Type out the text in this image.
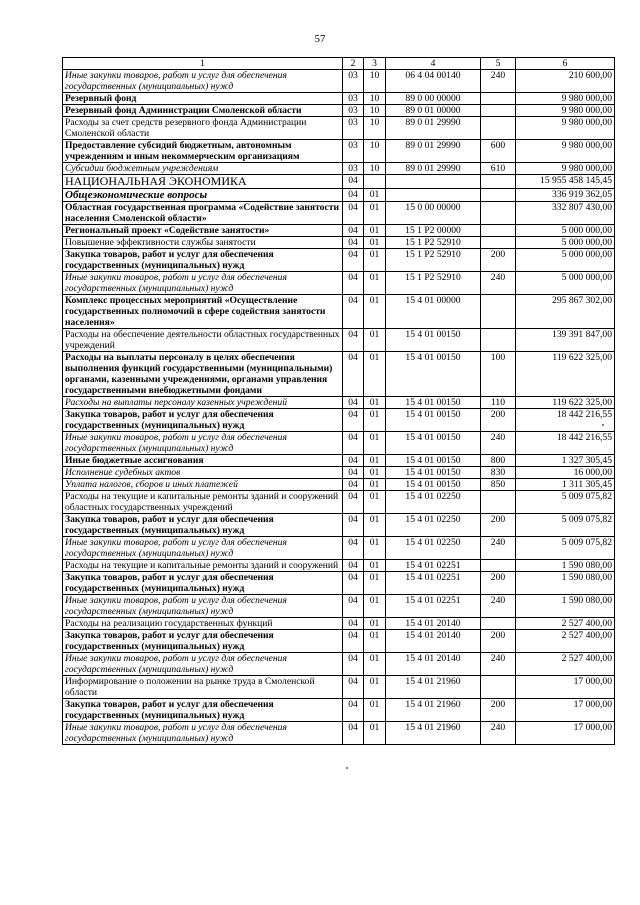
57
1	2	3	4	5	6
Иные закупки товаров, работ и услуг для обеспечения государственных (муниципальных) нужд	03	10	06 4 04 00140	240	210 600,00
Резервный фонд	03	10	89 0 00 00000		9 980 000,00
Резервный фонд Администрации Смоленской области	03	10	89 0 01 00000		9 980 000,00
Расходы за счет средств резервного фонда Администрации Смоленской области	03	10	89 0 01 29990		9 980 000,00
Предоставление субсидий бюджетным, автономным учреждениям и иным некоммерческим организациям	03	10	89 0 01 29990	600	9 980 000,00
Субсидии бюджетным учреждениям	03	10	89 0 01 29990	610	9 980 000,00
НАЦИОНАЛЬНАЯ ЭКОНОМИКА	04				15 955 458 145,45
Общеэкономические вопросы	04	01			336 919 362,05
Областная государственная программа «Содействие занятости населения Смоленской области»	04	01	15 0 00 00000		332 807 430,00
Региональный проект «Содействие занятости»	04	01	15 1 Р2 00000		5 000 000,00
Повышение эффективности службы занятости	04	01	15 1 Р2 52910		5 000 000,00
Закупка товаров, работ и услуг для обеспечения государственных (муниципальных) нужд	04	01	15 1 Р2 52910	200	5 000 000,00
Иные закупки товаров, работ и услуг для обеспечения государственных (муниципальных) нужд	04	01	15 1 Р2 52910	240	5 000 000,00
Комплекс процессных мероприятий «Осуществление государственных полномочий в сфере содействия занятости населения»	04	01	15 4 01 00000		295 867 302,00
Расходы на обеспечение деятельности областных государственных учреждений	04	01	15 4 01 00150		139 391 847,00
Расходы на выплаты персоналу в целях обеспечения выполнения функций государственными (муниципальными) органами, казенными учреждениями, органами управления государственными внебюджетными фондами	04	01	15 4 01 00150	100	119 622 325,00
Расходы на выплаты персоналу казенных учреждений	04	01	15 4 01 00150	110	119 622 325,00
Закупка товаров, работ и услуг для обеспечения государственных (муниципальных) нужд	04	01	15 4 01 00150	200	18 442 216,55
Иные закупки товаров, работ и услуг для обеспечения государственных (муниципальных) нужд	04	01	15 4 01 00150	240	18 442 216,55
Иные бюджетные ассигнования	04	01	15 4 01 00150	800	1 327 305,45
Исполнение судебных актов	04	01	15 4 01 00150	830	16 000,00
Уплата налогов, сборов и иных платежей	04	01	15 4 01 00150	850	1 311 305,45
Расходы на текущие и капитальные ремонты зданий и сооружений областных государственных учреждений	04	01	15 4 01 02250		5 009 075,82
Закупка товаров, работ и услуг для обеспечения государственных (муниципальных) нужд	04	01	15 4 01 02250	200	5 009 075,82
Иные закупки товаров, работ и услуг для обеспечения государственных (муниципальных) нужд	04	01	15 4 01 02250	240	5 009 075,82
Расходы на текущие и капитальные ремонты зданий и сооружений	04	01	15 4 01 02251		1 590 080,00
Закупка товаров, работ и услуг для обеспечения государственных (муниципальных) нужд	04	01	15 4 01 02251	200	1 590 080,00
Иные закупки товаров, работ и услуг для обеспечения государственных (муниципальных) нужд	04	01	15 4 01 02251	240	1 590 080,00
Расходы на реализацию государственных функций	04	01	15 4 01 20140		2 527 400,00
Закупка товаров, работ и услуг для обеспечения государственных (муниципальных) нужд	04	01	15 4 01 20140	200	2 527 400,00
Иные закупки товаров, работ и услуг для обеспечения государственных (муниципальных) нужд	04	01	15 4 01 20140	240	2 527 400,00
Информирование о положении на рынке труда в Смоленской области	04	01	15 4 01 21960		17 000,00
Закупка товаров, работ и услуг для обеспечения государственных (муниципальных) нужд	04	01	15 4 01 21960	200	17 000,00
Иные закупки товаров, работ и услуг для обеспечения государственных (муниципальных) нужд	04	01	15 4 01 21960	240	17 000,00
